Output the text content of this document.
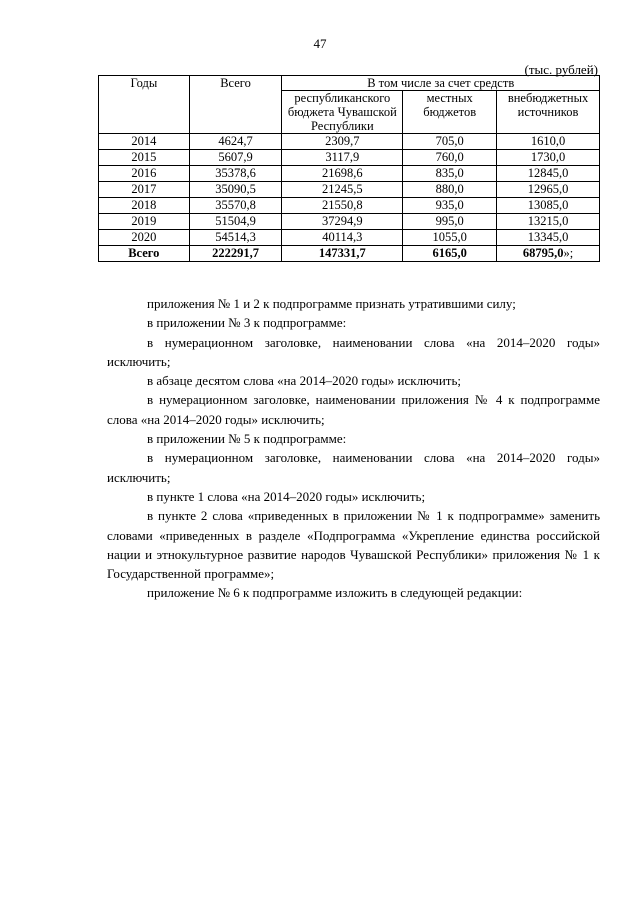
47
(тыс. рублей)
Годы	Всего	В том числе за счет средств		
		республиканского бюджета Чувашской Республики	местных бюджетов	внебюджетных источников
2014	4624,7	2309,7	705,0	1610,0
2015	5607,9	3117,9	760,0	1730,0
2016	35378,6	21698,6	835,0	12845,0
2017	35090,5	21245,5	880,0	12965,0
2018	35570,8	21550,8	935,0	13085,0
2019	51504,9	37294,9	995,0	13215,0
2020	54514,3	40114,3	1055,0	13345,0
Всего	222291,7	147331,7	6165,0	68795,0»;

приложения № 1 и 2 к подпрограмме признать утратившими силу;

в приложении № 3 к подпрограмме:

в нумерационном заголовке, наименовании слова «на 2014–2020 годы» исключить;

в абзаце десятом слова «на 2014–2020 годы» исключить;

в нумерационном заголовке, наименовании приложения № 4 к подпрограмме слова «на 2014–2020 годы» исключить;

в приложении № 5 к подпрограмме:

в нумерационном заголовке, наименовании слова «на 2014–2020 годы» исключить;

в пункте 1 слова «на 2014–2020 годы» исключить;

в пункте 2 слова «приведенных в приложении № 1 к подпрограмме» заменить словами «приведенных в разделе «Подпрограмма «Укрепление единства российской нации и этнокультурное развитие народов Чувашской Республики» приложения № 1 к Государственной программе»;

приложение № 6 к подпрограмме изложить в следующей редакции:
